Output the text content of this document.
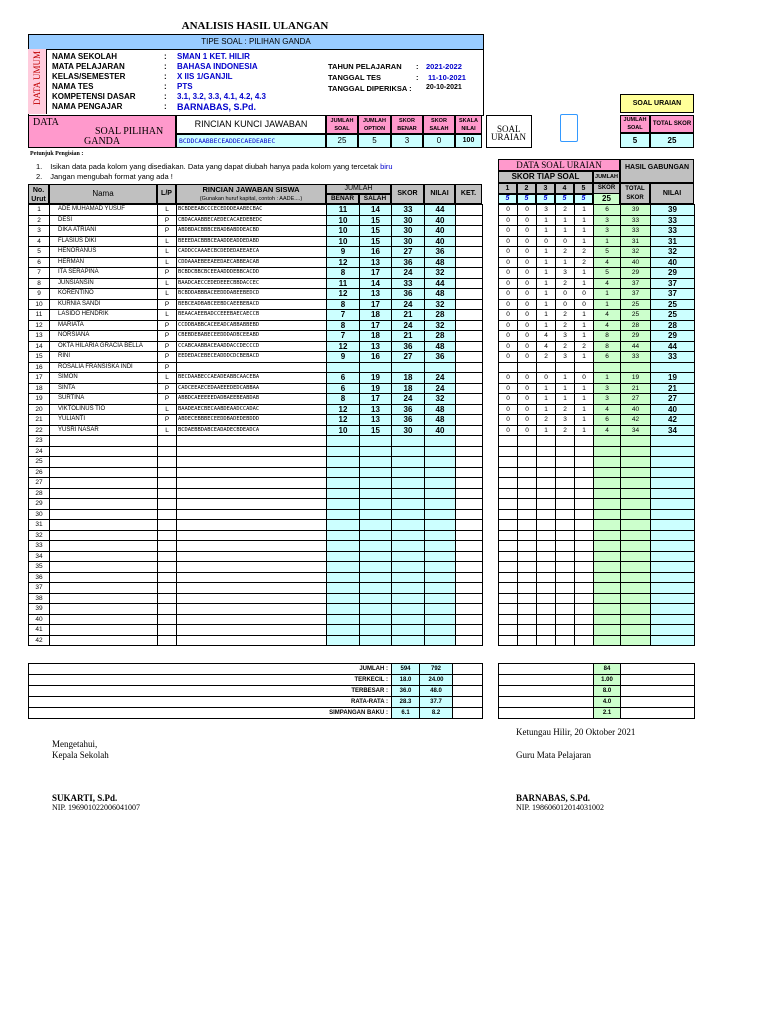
ANALISIS HASIL ULANGAN
TIPE SOAL : PILIHAN GANDA
DATA UMUM NAMA SEKOLAH	: SMAN 1 KET. HILIR
MATA PELAJARAN	: BAHASA INDONESIA
KELAS/SEMESTER	: X IIS 1/GANJIL
NAMA TES	: PTS
KOMPETENSI DASAR	: 3.1, 3.2, 3.3, 4.1, 4.2, 4.3
NAMA PENGAJAR	: BARNABAS, S.Pd.
TAHUN PELAJARAN : 2021-2022
TANGGAL TES	: 11-10-2021
TANGGAL DIPERIKSA : 20-10-2021
DATA
SOAL PILIHAN
GANDA
RINCIAN KUNCI JAWABAN
BCDDCAABBECEADDECAEDEABEC
JUMLAH SOAL
JUMLAH OPTION
SKOR BENAR
SKOR SALAH
SKALA NILAI
25	5	3	0	100
SOAL
URAIAN
SOAL URAIAN
JUMLAH SOAL
TOTAL SKOR
5	25
Petunjuk Pengisian :
1. Isikan data pada kolom yang disediakan. Data yang dapat diubah hanya pada kolom yang tercetak biru
2. Jangan mengubah format yang ada !
No. Urut
Nama	L/P	RINCIAN JAWABAN SISWA
(Gunakan huruf kapital, contoh : AADE....)
JUMLAH
BENAR	SALAH
SKOR	NILAI	KET.
DATA SOAL URAIAN
SKOR TIAP SOAL	JUMLAH
HASIL GABUNGAN
1
5
2
5
3
5
4
5
5
5
SKOR
25
TOTAL SKOR
NILAI
1	ADE MUHAMAD YUSUF	L	BCBDEEABCCCECEDDDEAABECBAC	11	14	33	44	
2	DESI	P	CBDACAABBECAEDECACAEDEBEDC	10	15	30	40	
3	DIKA ATRIANI	P	ABDBDACBBBCEBADBABDDEACBD	10	15	30	40	
4	FLASIUS DIKI	L	BEEEDACBBBCEAADDEADDEDABD	10	15	30	40	
5	HENORANUS	L	CADDCCAAAECBCDEDEDAEEAECA	9	16	27	36	
6	HERMAN	L	CDDAAAEBEEAEEDAECABBEACAB	12	13	36	48	
7	ITA SERAPINA	P	BCBDCBBCBCEEAADDDEBBCACDD	8	17	24	32	
8	JUNSIANSIN	L	BAADCAECCEDEDEEECBBDACCEC	11	14	33	44	
9	KORENTINO	L	BCBDDABBBACEEDDDABEEBEDCD	12	13	36	48	
10	KURNIA SANDI	P	BEBCEADBABCEEBDCAEEBEBACD	8	17	24	32	
11	LASIDO HENDRIK	L	BEAACAEEBADCCEEEBAECAECCB	7	18	21	28	
12	MARIATA	P	CCDDBABBCACEEADCABBABBEBD	8	17	24	32	
13	NORSIANA	P	CBEBDEBABECEEDDDADBCEEABD	7	18	21	28	
14	OKTA HILARIA GRACIA BELLA	P	CCABCAABBACEAADDACCDECCCD	12	13	36	48	
15	RINI	P	EEDEDACEBECEADDDCDCBEBACD	9	16	27	36	
16	ROSALIA FRANSISKA INDI	P						
17	SIMON	L	BECDAABECCAEADEABBCAACEBA	6	19	18	24	
18	SINTA	P	CADCEEAECEDAAEEEDEDCABBAA	6	19	18	24	
19	SURTINA	P	ABBDCAEEEEEDADBAEEBEABDAB	8	17	24	32	
20	VIKTOLINUS TIO	L	BAADEAECBECAABDEAADCCADAC	12	13	36	48	
21	YULIANTI	P	ABDECEBBBECEEDDBADEDEBDDD	12	13	36	48	
22	YUSRI NASAR	L	BCDAEBBDABCEADADECBDEADCA	10	15	30	40	
23								
24								
25								
26								
27								
28								
29								
30								
31								
32								
33								
34								
35								
36								
37								
38								
39								
40								
41								
42								
0	0	3	2	1	6	39	39
0	0	1	1	1	3	33	33
0	0	1	1	1	3	33	33
0	0	0	0	1	1	31	31
0	0	1	2	2	5	32	32
0	0	1	1	2	4	40	40
0	0	1	3	1	5	29	29
0	0	1	2	1	4	37	37
0	0	1	0	0	1	37	37
0	0	1	0	0	1	25	25
0	0	1	2	1	4	25	25
0	0	1	2	1	4	28	28
0	0	4	3	1	8	29	29
0	0	4	2	2	8	44	44
0	0	2	3	1	6	33	33

0	0	0	1	0	1	19	19
0	0	1	1	1	3	21	21
0	0	1	1	1	3	27	27
0	0	1	2	1	4	40	40
0	0	2	3	1	6	42	42
0	0	1	2	1	4	34	34

JUMLAH :	594	792	
TERKECIL :	18.0	24.00	
TERBESAR :	36.0	48.0	
RATA-RATA :	28.3	37.7	
SIMPANGAN BAKU :	6.1	8.2	
	84	
	1.00	
	8.0	
	4.0	
	2.1	
Ketungau Hilir, 20 Oktober 2021
Mengetahui,
Kepala Sekolah	Guru Mata Pelajaran
SUKARTI, S.Pd.
NIP. 196901022006041007
BARNABAS, S.Pd.
NIP. 198606012014031002
